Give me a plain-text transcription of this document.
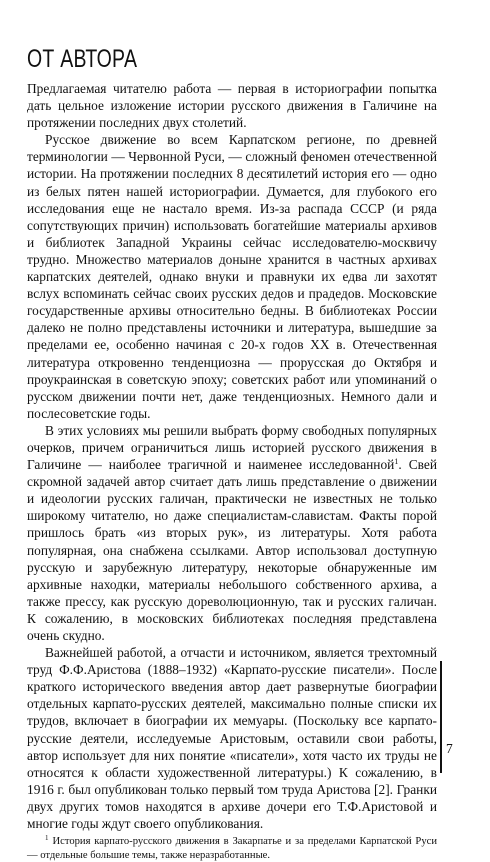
ОТ АВТОРА

Предлагаемая читателю работа — первая в историографии попытка дать цельное изложение истории русского движения в Галичине на протяжении последних двух столетий.

Русское движение во всем Карпатском регионе, по древней терминологии — Червонной Руси, — сложный феномен отечественной истории. На протяжении последних 8 десятилетий история его — одно из белых пятен нашей историографии. Думается, для глубокого его исследования еще не настало время. Из-за распада СССР (и ряда сопутствующих причин) использовать богатейшие материалы архивов и библиотек Западной Украины сейчас исследователю-москвичу трудно. Множество материалов доныне хранится в частных архивах карпатских деятелей, однако внуки и правнуки их едва ли захотят вслух вспоминать сейчас своих русских дедов и прадедов. Московские государственные архивы относительно бедны. В библиотеках России далеко не полно представлены источники и литература, вышедшие за пределами ее, особенно начиная с 20-х годов XX в. Отечественная литература откровенно тенденциозна — прорусская до Октября и проукраинская в советскую эпоху; советских работ или упоминаний о русском движении почти нет, даже тенденциозных. Немного дали и послесоветские годы.

В этих условиях мы решили выбрать форму свободных популярных очерков, причем ограничиться лишь историей русского движения в Галичине — наиболее трагичной и наименее исследованной$^1$. Свей скромной задачей автор считает дать лишь представление о движении и идеологии русских галичан, практически не известных не только широкому читателю, но даже специалистам-славистам. Факты порой пришлось брать «из вторых рук», из литературы. Хотя работа популярная, она снабжена ссылками. Автор использовал доступную русскую и зарубежную литературу, некоторые обнаруженные им архивные находки, материалы небольшого собственного архива, а также прессу, как русскую дореволюционную, так и русских галичан. К сожалению, в московских библиотеках последняя представлена очень скудно.

Важнейшей работой, а отчасти и источником, является трехтомный труд Ф.Ф.Аристова (1888–1932) «Карпато-русские писатели». После краткого исторического введения автор дает развернутые биографии отдельных карпато-русских деятелей, максимально полные списки их трудов, включает в биографии их мемуары. (Поскольку все карпато-русские деятели, исследуемые Аристовым, оставили свои работы, автор использует для них понятие «писатели», хотя часто их труды не относятся к области художественной литературы.) К сожалению, в 1916 г. был опубликован только первый том труда Аристова [2]. Гранки двух других томов находятся в архиве дочери его Т.Ф.Аристовой и многие годы ждут своего опубликования.

$^1$ История карпато-русского движения в Закарпатье и за пределами Карпатской Руси — отдельные большие темы, также неразработанные.
7
